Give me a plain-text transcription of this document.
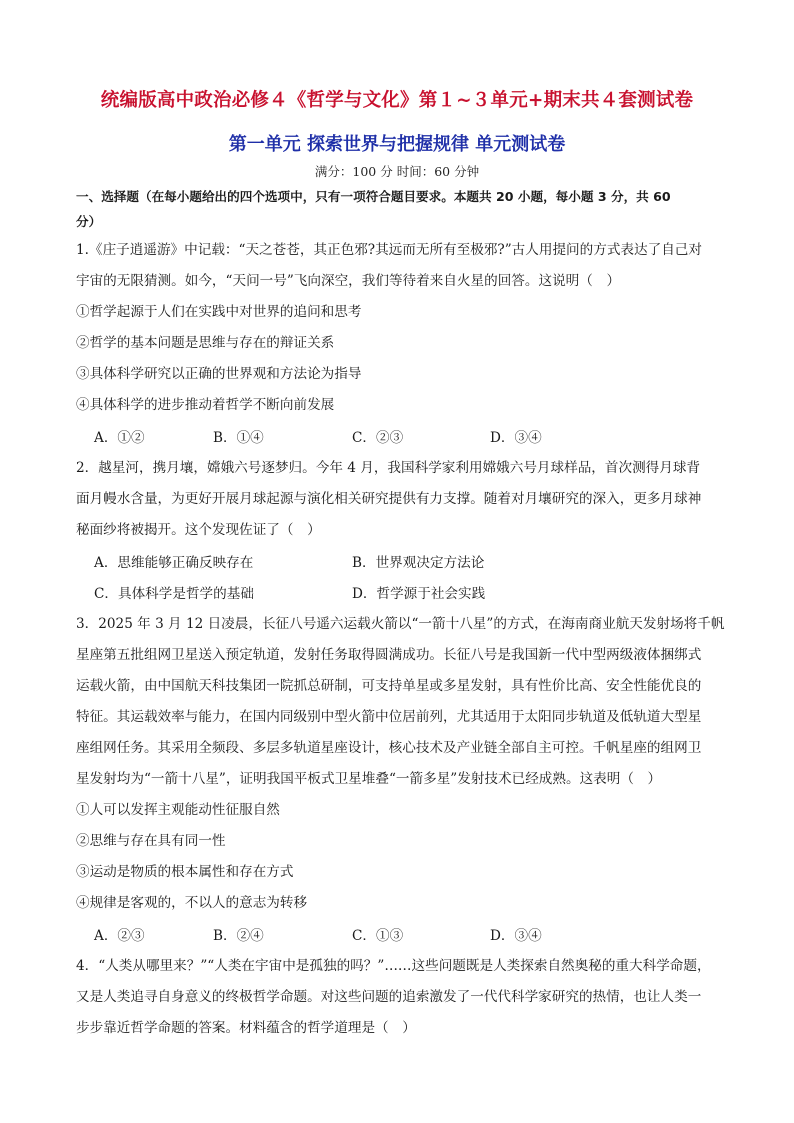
统编版高中政治必修４《哲学与文化》第１~３单元+期末共４套测试卷
第一单元 探索世界与把握规律 单元测试卷
满分：100 分 时间：60 分钟
一、选择题（在每小题给出的四个选项中，只有一项符合题目要求。本题共 20 小题，每小题 3 分，共 60
分）
1.《庄子逍遥游》中记载：“天之苍苍，其正色邪?其远而无所有至极邪?”古人用提问的方式表达了自己对
宇宙的无限猜测。如今，“天问一号”飞向深空，我们等待着来自火星的回答。这说明（　）
①哲学起源于人们在实践中对世界的追问和思考
②哲学的基本问题是思维与存在的辩证关系
③具体科学研究以正确的世界观和方法论为指导
④具体科学的进步推动着哲学不断向前发展
A．①②	B．①④	C．②③	D．③④
2．越星河，携月壤，嫦娥六号逐梦归。今年 4 月，我国科学家利用嫦娥六号月球样品，首次测得月球背
面月幔水含量，为更好开展月球起源与演化相关研究提供有力支撑。随着对月壤研究的深入，更多月球神
秘面纱将被揭开。这个发现佐证了（　）
A．思维能够正确反映存在	B．世界观决定方法论
C．具体科学是哲学的基础	D．哲学源于社会实践
3．2025 年 3 月 12 日凌晨，长征八号遥六运载火箭以“一箭十八星”的方式，在海南商业航天发射场将千帆
星座第五批组网卫星送入预定轨道，发射任务取得圆满成功。长征八号是我国新一代中型两级液体捆绑式
运载火箭，由中国航天科技集团一院抓总研制，可支持单星或多星发射，具有性价比高、安全性能优良的
特征。其运载效率与能力，在国内同级别中型火箭中位居前列，尤其适用于太阳同步轨道及低轨道大型星
座组网任务。其采用全频段、多层多轨道星座设计，核心技术及产业链全部自主可控。千帆星座的组网卫
星发射均为“一箭十八星”，证明我国平板式卫星堆叠“一箭多星”发射技术已经成熟。这表明（　）
①人可以发挥主观能动性征服自然
②思维与存在具有同一性
③运动是物质的根本属性和存在方式
④规律是客观的，不以人的意志为转移
A．②③	B．②④	C．①③	D．③④
4．“人类从哪里来？”“人类在宇宙中是孤独的吗？”……这些问题既是人类探索自然奥秘的重大科学命题，
又是人类追寻自身意义的终极哲学命题。对这些问题的追索激发了一代代科学家研究的热情，也让人类一
步步靠近哲学命题的答案。材料蕴含的哲学道理是（　）
